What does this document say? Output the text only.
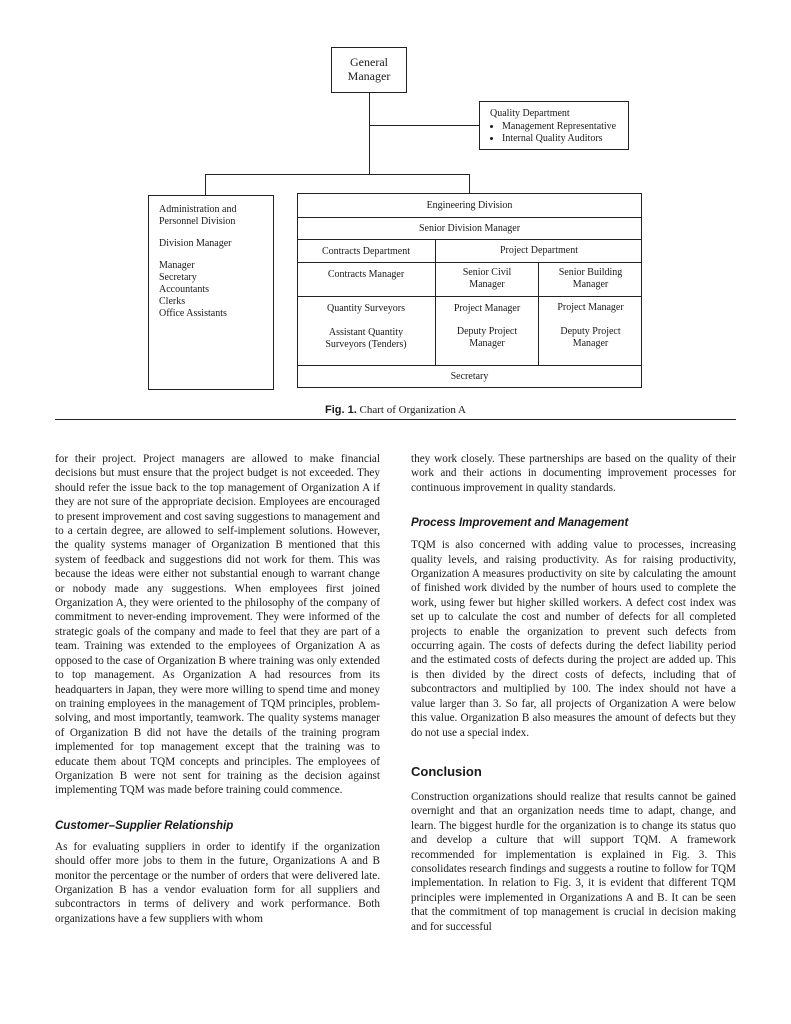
General
Manager
Quality Department
• Management Representative
• Internal Quality Auditors
Administration and
Personnel Division
Division Manager
Manager
Secretary
Accountants
Clerks
Office Assistants
Engineering Division
Senior Division Manager
Contracts Department	Project Department
Contracts Manager	Senior Civil
Manager
Senior Building
Manager
Quantity Surveyors
Assistant Quantity
Surveyors (Tenders)
Project Manager
Deputy Project
Manager
Project Manager
Deputy Project
Manager
Secretary
Fig. 1. Chart of Organization A

for their project. Project managers are allowed to make financial decisions but must ensure that the project budget is not exceeded. They should refer the issue back to the top management of Organization A if they are not sure of the appropriate decision. Employees are encouraged to present improvement and cost saving suggestions to management and to a certain degree, are allowed to self-implement solutions. However, the quality systems manager of Organization B mentioned that this system of feedback and suggestions did not work for them. This was because the ideas were either not substantial enough to warrant change or nobody made any suggestions. When employees first joined Organization A, they were oriented to the philosophy of the company of commitment to never-ending improvement. They were informed of the strategic goals of the company and made to feel that they are part of a team. Training was extended to the employees of Organization A as opposed to the case of Organization B where training was only extended to top management. As Organization A had resources from its headquarters in Japan, they were more willing to spend time and money on training employees in the management of TQM principles, problem-solving, and most importantly, teamwork. The quality systems manager of Organization B did not have the details of the training program implemented for top management except that the training was to educate them about TQM concepts and principles. The employees of Organization B were not sent for training as the decision against implementing TQM was made before training could commence.

Customer–Supplier Relationship

As for evaluating suppliers in order to identify if the organization should offer more jobs to them in the future, Organizations A and B monitor the percentage or the number of orders that were delivered late. Organization B has a vendor evaluation form for all suppliers and subcontractors in terms of delivery and work performance. Both organizations have a few suppliers with whom

they work closely. These partnerships are based on the quality of their work and their actions in documenting improvement processes for continuous improvement in quality standards.

Process Improvement and Management

TQM is also concerned with adding value to processes, increasing quality levels, and raising productivity. As for raising productivity, Organization A measures productivity on site by calculating the amount of finished work divided by the number of hours used to complete the work, using fewer but higher skilled workers. A defect cost index was set up to calculate the cost and number of defects for all completed projects to enable the organization to prevent such defects from occurring again. The costs of defects during the defect liability period and the estimated costs of defects during the project are added up. This is then divided by the direct costs of defects, including that of subcontractors and multiplied by 100. The index should not have a value larger than 3. So far, all projects of Organization A were below this value. Organization B also measures the amount of defects but they do not use a special index.

Conclusion

Construction organizations should realize that results cannot be gained overnight and that an organization needs time to adapt, change, and learn. The biggest hurdle for the organization is to change its status quo and develop a culture that will support TQM. A framework recommended for implementation is explained in Fig. 3. This consolidates research findings and suggests a routine to follow for TQM implementation. In relation to Fig. 3, it is evident that different TQM principles were implemented in Organizations A and B. It can be seen that the commitment of top management is crucial in decision making and for successful
